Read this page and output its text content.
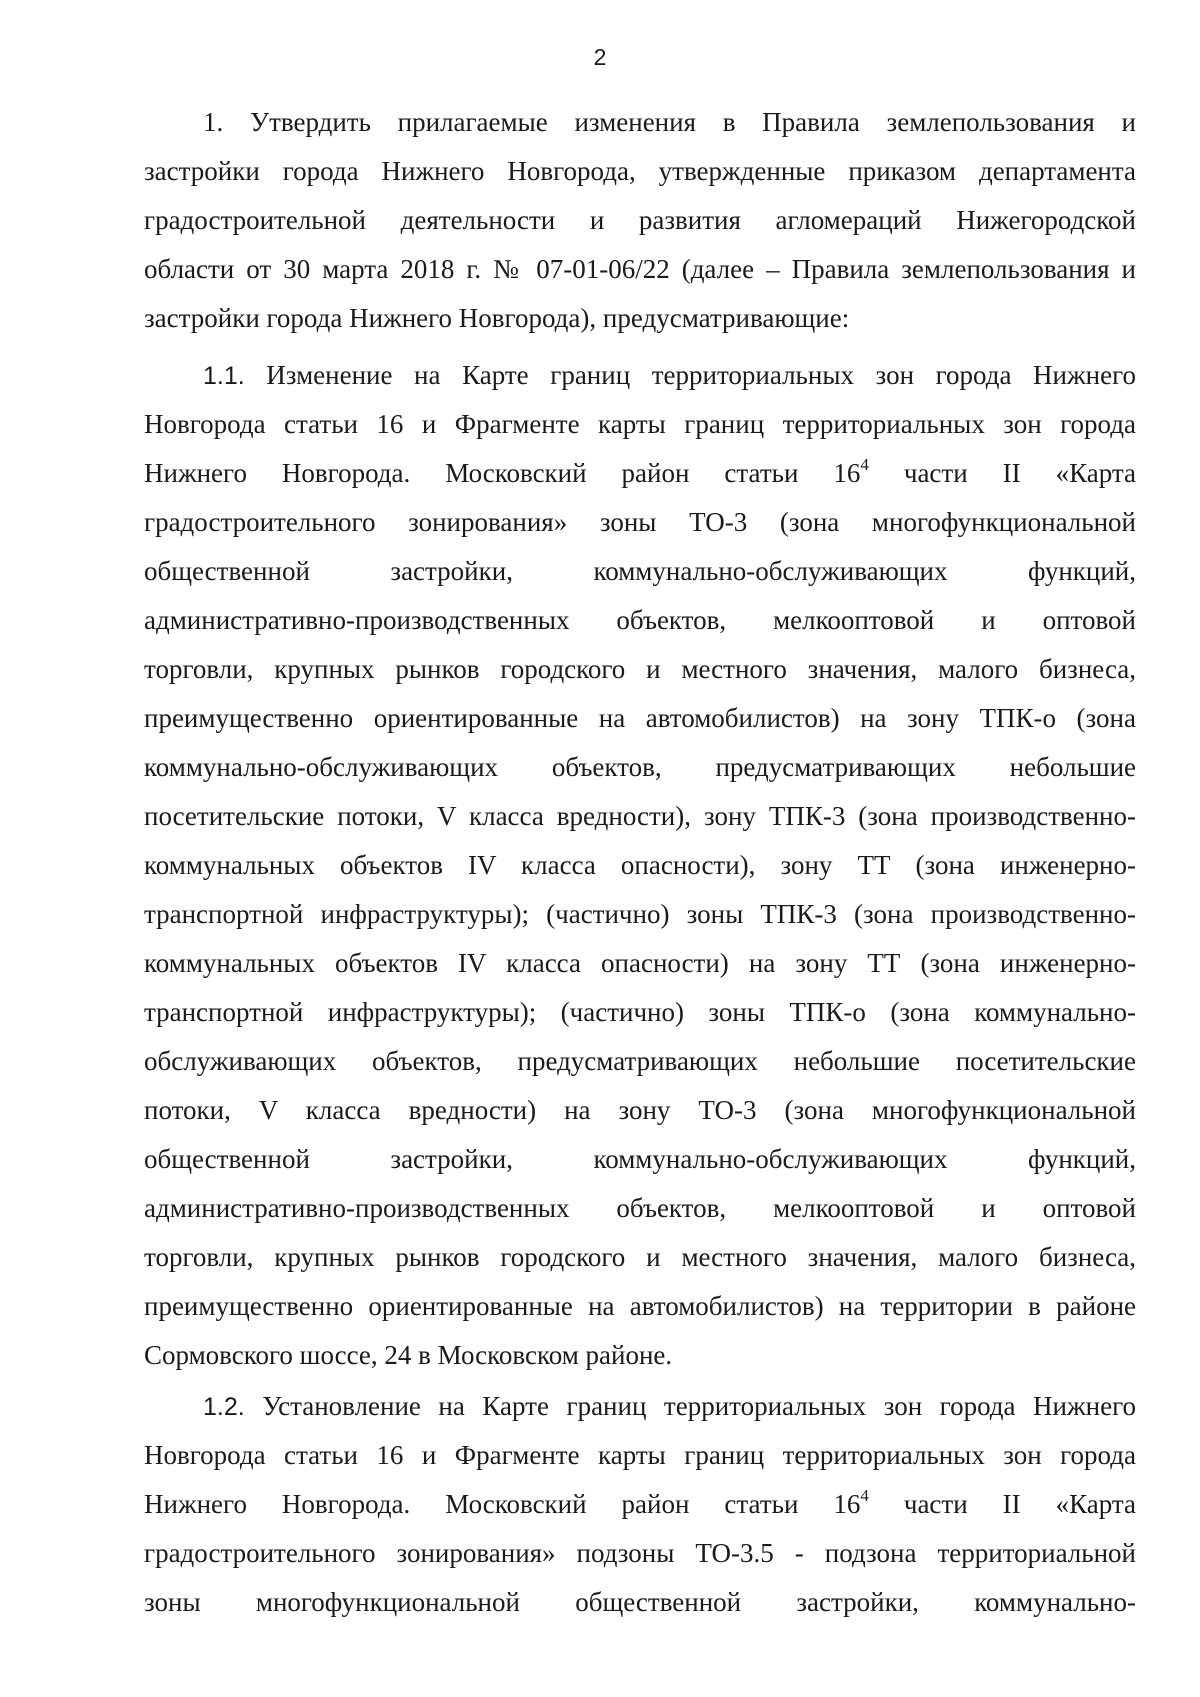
2
1. Утвердить прилагаемые изменения в Правила землепользования и
застройки города Нижнего Новгорода, утвержденные приказом департамента
градостроительной деятельности и развития агломераций Нижегородской
области от 30 марта 2018 г. № 07-01-06/22 (далее – Правила землепользования и
застройки города Нижнего Новгорода), предусматривающие:
1.1. Изменение на Карте границ территориальных зон города Нижнего
Новгорода статьи 16 и Фрагменте карты границ территориальных зон города
Нижнего Новгорода. Московский район статьи $16^4$ части II «Карта
градостроительного зонирования» зоны ТО-3 (зона многофункциональной
общественной застройки, коммунально-обслуживающих функций,
административно-производственных объектов, мелкооптовой и оптовой
торговли, крупных рынков городского и местного значения, малого бизнеса,
преимущественно ориентированные на автомобилистов) на зону ТПК-о (зона
коммунально-обслуживающих объектов, предусматривающих небольшие
посетительские потоки, V класса вредности), зону ТПК-3 (зона производственно-
коммунальных объектов IV класса опасности), зону ТТ (зона инженерно-
транспортной инфраструктуры); (частично) зоны ТПК-3 (зона производственно-
коммунальных объектов IV класса опасности) на зону ТТ (зона инженерно-
транспортной инфраструктуры); (частично) зоны ТПК-о (зона коммунально-
обслуживающих объектов, предусматривающих небольшие посетительские
потоки, V класса вредности) на зону ТО-3 (зона многофункциональной
общественной застройки, коммунально-обслуживающих функций,
административно-производственных объектов, мелкооптовой и оптовой
торговли, крупных рынков городского и местного значения, малого бизнеса,
преимущественно ориентированные на автомобилистов) на территории в районе
Сормовского шоссе, 24 в Московском районе.
1.2. Установление на Карте границ территориальных зон города Нижнего
Новгорода статьи 16 и Фрагменте карты границ территориальных зон города
Нижнего Новгорода. Московский район статьи $16^4$ части II «Карта
градостроительного зонирования» подзоны ТО-3.5 - подзона территориальной
зоны многофункциональной общественной застройки, коммунально-
